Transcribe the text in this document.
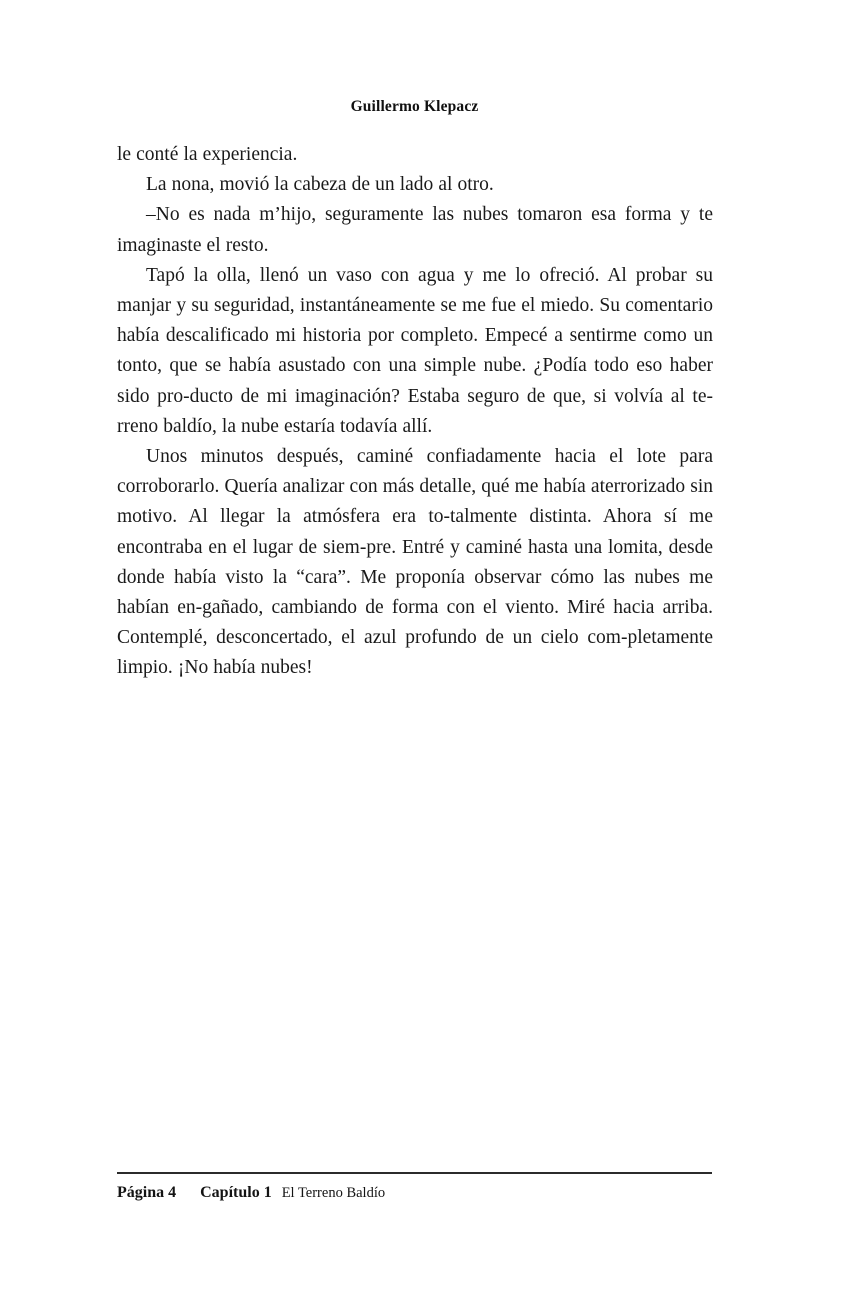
Guillermo Klepacz

le conté la experiencia.

La nona, movió la cabeza de un lado al otro.

–No es nada m’hijo, seguramente las nubes tomaron esa forma y te imaginaste el resto.

Tapó la olla, llenó un vaso con agua y me lo ofreció. Al probar su manjar y su seguridad, instantáneamente se me fue el miedo. Su comentario había descalificado mi historia por completo. Empecé a sentirme como un tonto, que se había asustado con una simple nube. ¿Podía todo eso haber sido pro-ducto de mi imaginación? Estaba seguro de que, si volvía al te-rreno baldío, la nube estaría todavía allí.

Unos minutos después, caminé confiadamente hacia el lote para corroborarlo. Quería analizar con más detalle, qué me había aterrorizado sin motivo. Al llegar la atmósfera era to-talmente distinta. Ahora sí me encontraba en el lugar de siem-pre. Entré y caminé hasta una lomita, desde donde había visto la “cara”. Me proponía observar cómo las nubes me habían en-gañado, cambiando de forma con el viento. Miré hacia arriba. Contemplé, desconcertado, el azul profundo de un cielo com-pletamente limpio. ¡No había nubes!

Página 4 Capítulo 1 El Terreno Baldío
